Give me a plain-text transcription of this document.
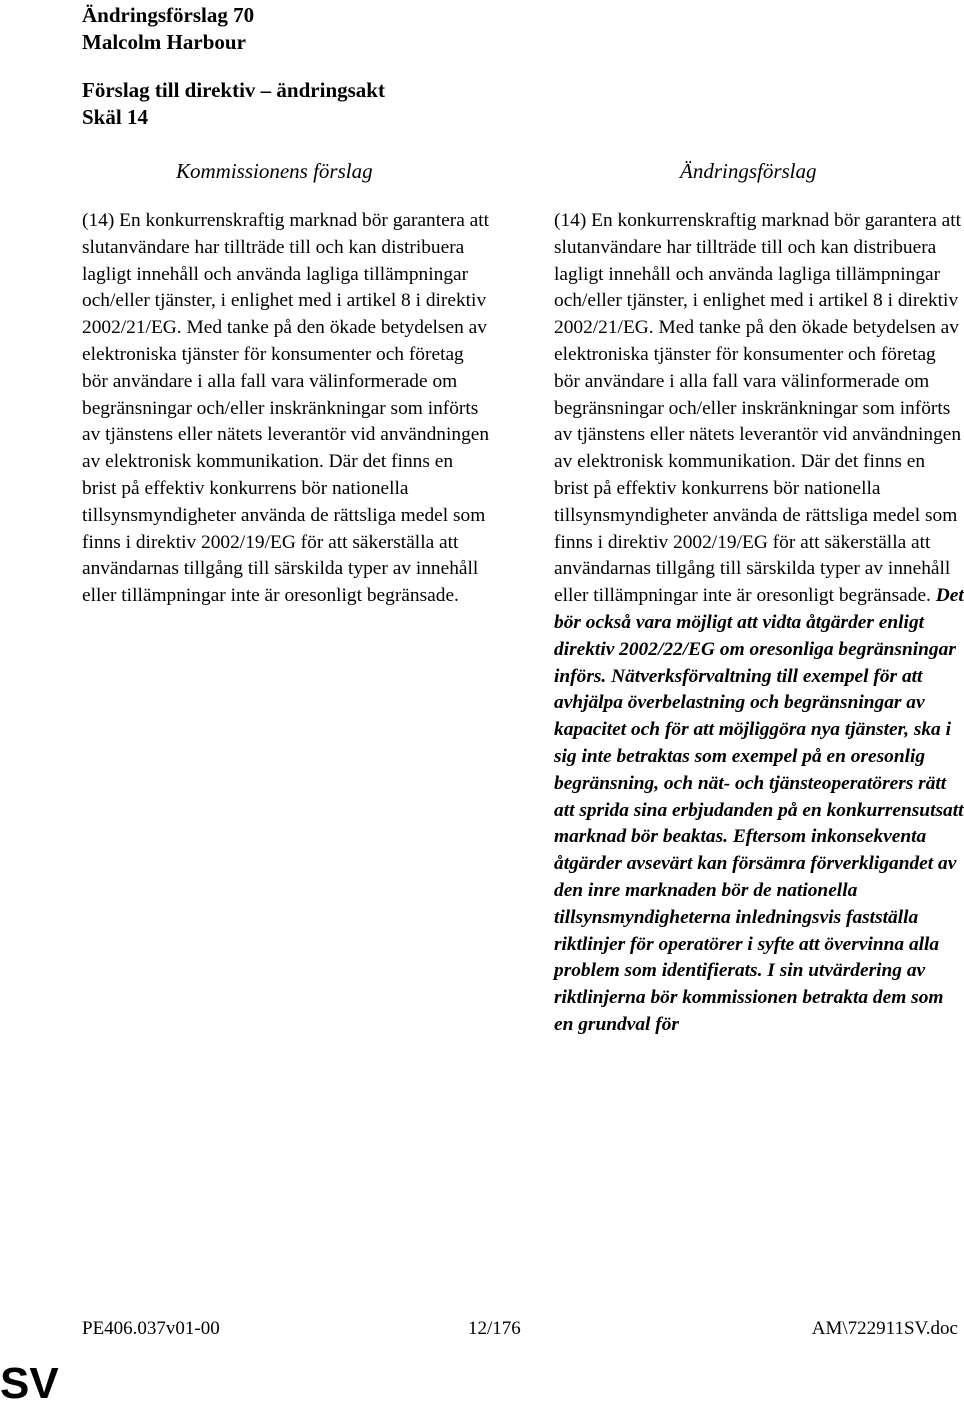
Ändringsförslag 70
Malcolm Harbour
Förslag till direktiv – ändringsakt
Skäl 14
Kommissionens förslag	Ändringsförslag

(14) En konkurrenskraftig marknad bör garantera att slutanvändare har tillträde till och kan distribuera lagligt innehåll och använda lagliga tillämpningar och/eller tjänster, i enlighet med i artikel 8 i direktiv 2002/21/EG. Med tanke på den ökade betydelsen av elektroniska tjänster för konsumenter och företag bör användare i alla fall vara välinformerade om begränsningar och/eller inskränkningar som införts av tjänstens eller nätets leverantör vid användningen av elektronisk kommunikation. Där det finns en brist på effektiv konkurrens bör nationella tillsynsmyndigheter använda de rättsliga medel som finns i direktiv 2002/19/EG för att säkerställa att användarnas tillgång till särskilda typer av innehåll eller tillämpningar inte är oresonligt begränsade.

(14) En konkurrenskraftig marknad bör garantera att slutanvändare har tillträde till och kan distribuera lagligt innehåll och använda lagliga tillämpningar och/eller tjänster, i enlighet med i artikel 8 i direktiv 2002/21/EG. Med tanke på den ökade betydelsen av elektroniska tjänster för konsumenter och företag bör användare i alla fall vara välinformerade om begränsningar och/eller inskränkningar som införts av tjänstens eller nätets leverantör vid användningen av elektronisk kommunikation. Där det finns en brist på effektiv konkurrens bör nationella tillsynsmyndigheter använda de rättsliga medel som finns i direktiv 2002/19/EG för att säkerställa att användarnas tillgång till särskilda typer av innehåll eller tillämpningar inte är oresonligt begränsade. Det bör också vara möjligt att vidta åtgärder enligt direktiv 2002/22/EG om oresonliga begränsningar införs. Nätverksförvaltning till exempel för att avhjälpa överbelastning och begränsningar av kapacitet och för att möjliggöra nya tjänster, ska i sig inte betraktas som exempel på en oresonlig begränsning, och nät- och tjänsteoperatörers rätt att sprida sina erbjudanden på en konkurrensutsatt marknad bör beaktas. Eftersom inkonsekventa åtgärder avsevärt kan försämra förverkligandet av den inre marknaden bör de nationella tillsynsmyndigheterna inledningsvis fastställa riktlinjer för operatörer i syfte att övervinna alla problem som identifierats. I sin utvärdering av riktlinjerna bör kommissionen betrakta dem som en grundval för

PE406.037v01-00	12/176	AM\722911SV.doc
SV
